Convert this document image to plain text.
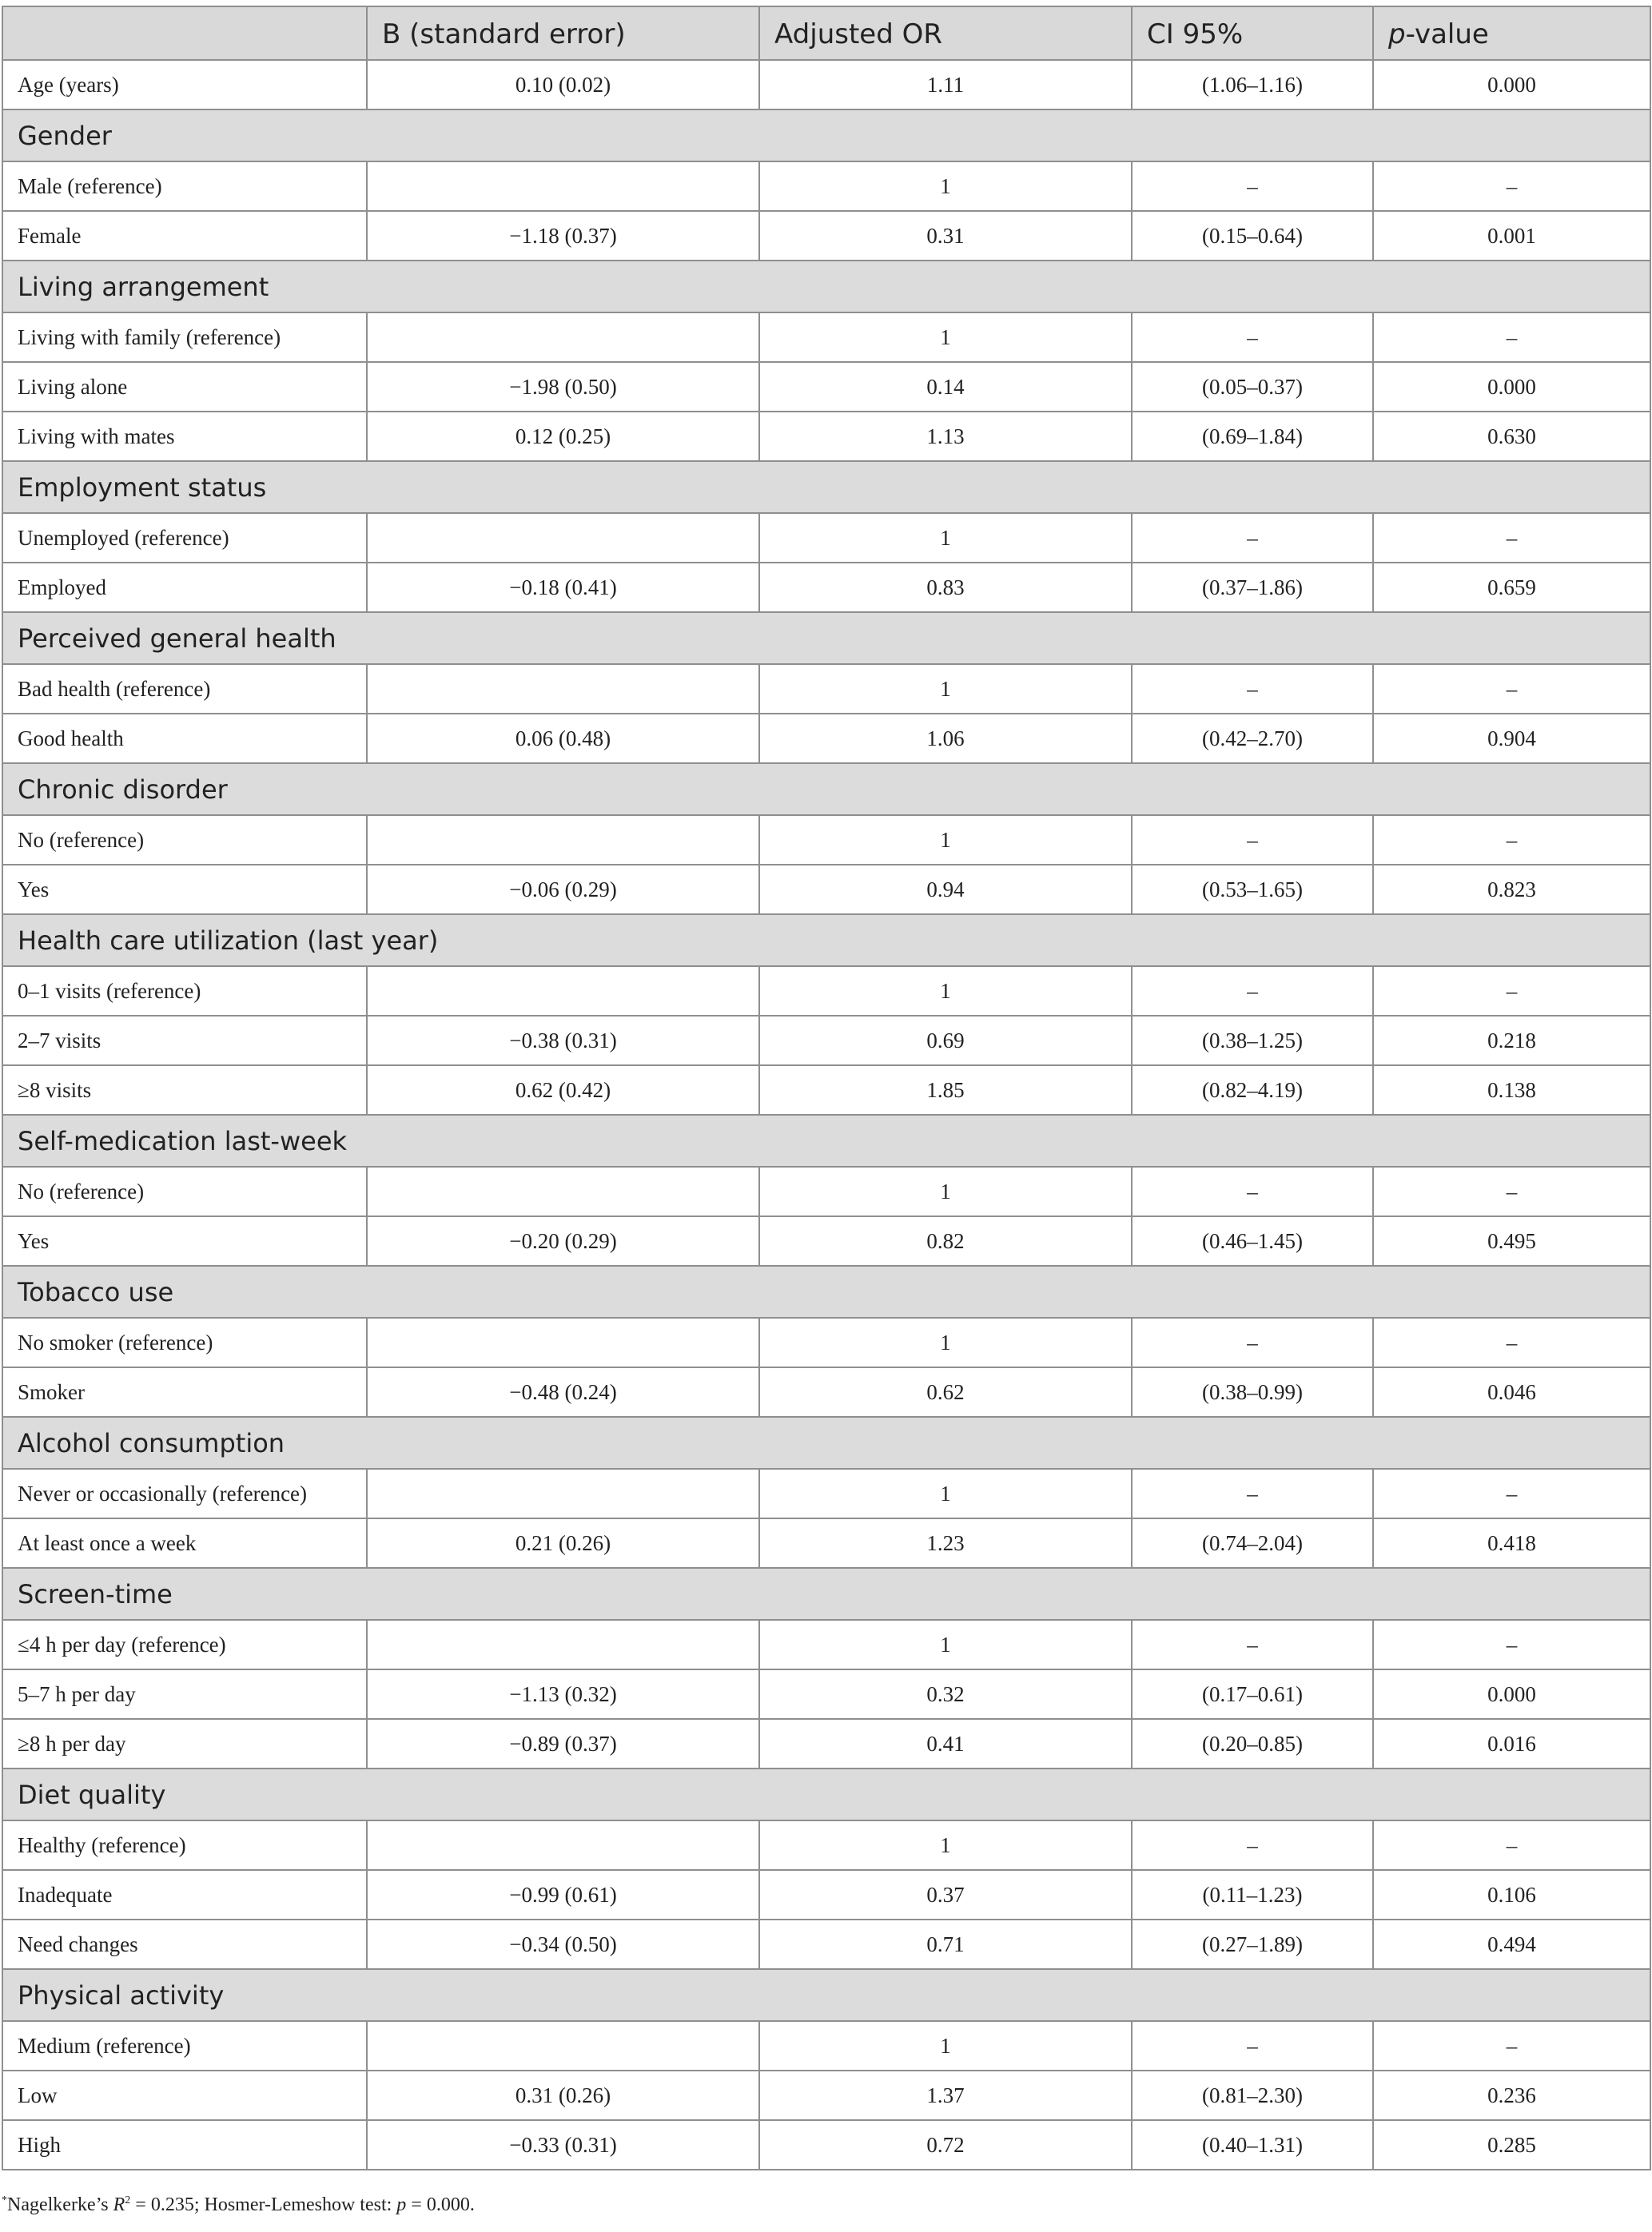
	B (standard error)	Adjusted OR	CI 95%	p-value
Age (years)	0.10 (0.02)	1.11	(1.06–1.16)	0.000
Gender				
Male (reference)		1	–	–
Female	−1.18 (0.37)	0.31	(0.15–0.64)	0.001
Living arrangement				
Living with family (reference)		1	–	–
Living alone	−1.98 (0.50)	0.14	(0.05–0.37)	0.000
Living with mates	0.12 (0.25)	1.13	(0.69–1.84)	0.630
Employment status				
Unemployed (reference)		1	–	–
Employed	−0.18 (0.41)	0.83	(0.37–1.86)	0.659
Perceived general health				
Bad health (reference)		1	–	–
Good health	0.06 (0.48)	1.06	(0.42–2.70)	0.904
Chronic disorder				
No (reference)		1	–	–
Yes	−0.06 (0.29)	0.94	(0.53–1.65)	0.823
Health care utilization (last year)				
0–1 visits (reference)		1	–	–
2–7 visits	−0.38 (0.31)	0.69	(0.38–1.25)	0.218
≥8 visits	0.62 (0.42)	1.85	(0.82–4.19)	0.138
Self-medication last-week				
No (reference)		1	–	–
Yes	−0.20 (0.29)	0.82	(0.46–1.45)	0.495
Tobacco use				
No smoker (reference)		1	–	–
Smoker	−0.48 (0.24)	0.62	(0.38–0.99)	0.046
Alcohol consumption				
Never or occasionally (reference)		1	–	–
At least once a week	0.21 (0.26)	1.23	(0.74–2.04)	0.418
Screen-time				
≤4 h per day (reference)		1	–	–
5–7 h per day	−1.13 (0.32)	0.32	(0.17–0.61)	0.000
≥8 h per day	−0.89 (0.37)	0.41	(0.20–0.85)	0.016
Diet quality				
Healthy (reference)		1	–	–
Inadequate	−0.99 (0.61)	0.37	(0.11–1.23)	0.106
Need changes	−0.34 (0.50)	0.71	(0.27–1.89)	0.494
Physical activity				
Medium (reference)		1	–	–
Low	0.31 (0.26)	1.37	(0.81–2.30)	0.236
High	−0.33 (0.31)	0.72	(0.40–1.31)	0.285
*Nagelkerke’s $R^2 = 0.235$; Hosmer-Lemeshow test: p = 0.000.
